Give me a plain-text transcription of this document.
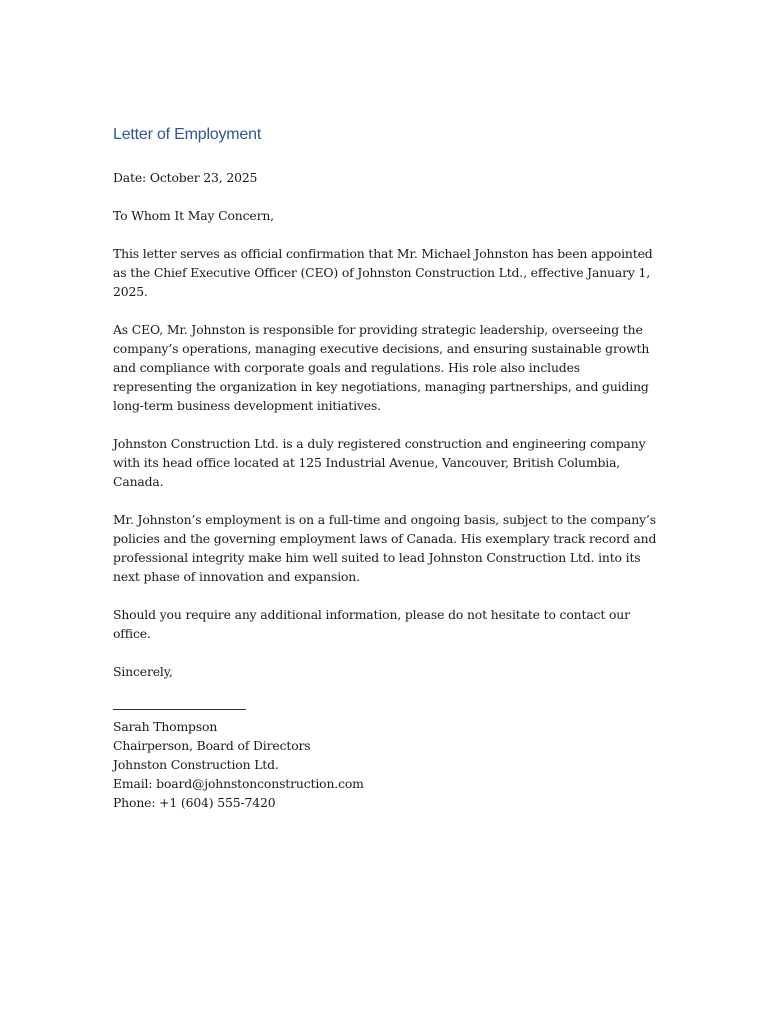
Letter of Employment
Date: October 23, 2025
To Whom It May Concern,
This letter serves as official confirmation that Mr. Michael Johnston has been appointed as the Chief Executive Officer (CEO) of Johnston Construction Ltd., effective January 1, 2025.
As CEO, Mr. Johnston is responsible for providing strategic leadership, overseeing the company’s operations, managing executive decisions, and ensuring sustainable growth and compliance with corporate goals and regulations. His role also includes representing the organization in key negotiations, managing partnerships, and guiding long-term business development initiatives.
Johnston Construction Ltd. is a duly registered construction and engineering company with its head office located at 125 Industrial Avenue, Vancouver, British Columbia, Canada.
Mr. Johnston’s employment is on a full-time and ongoing basis, subject to the company’s policies and the governing employment laws of Canada. His exemplary track record and professional integrity make him well suited to lead Johnston Construction Ltd. into its next phase of innovation and expansion.
Should you require any additional information, please do not hesitate to contact our office.
Sincerely,
Sarah Thompson
Chairperson, Board of Directors
Johnston Construction Ltd.
Email: board@johnstonconstruction.com
Phone: +1 (604) 555-7420
